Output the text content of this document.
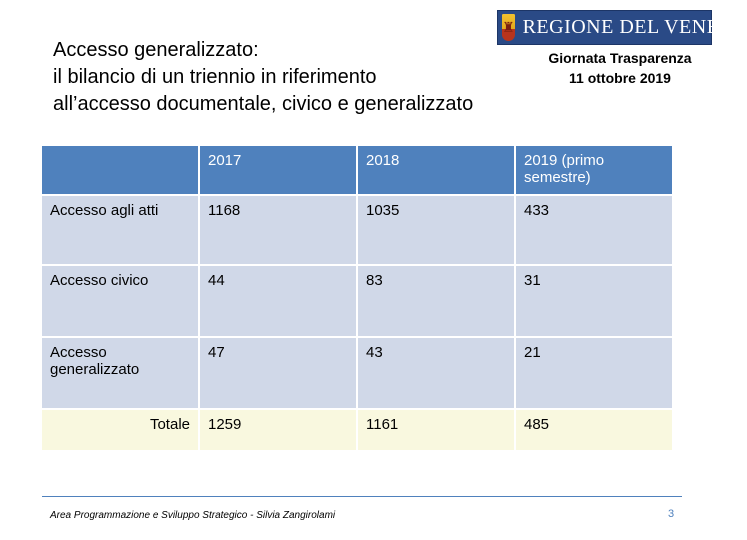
Accesso generalizzato:
il bilancio di un triennio in riferimento
all’accesso documentale, civico e generalizzato
♜ REGIONE DEL VENETO
Giornata Trasparenza
11 ottobre 2019
	2017	2018	2019 (primo semestre)
Accesso agli atti	1168	1035	433
Accesso civico	44	83	31
Accesso generalizzato	47	43	21
Totale	1259	1161	485
Area Programmazione e Sviluppo Strategico - Silvia Zangirolami	3
